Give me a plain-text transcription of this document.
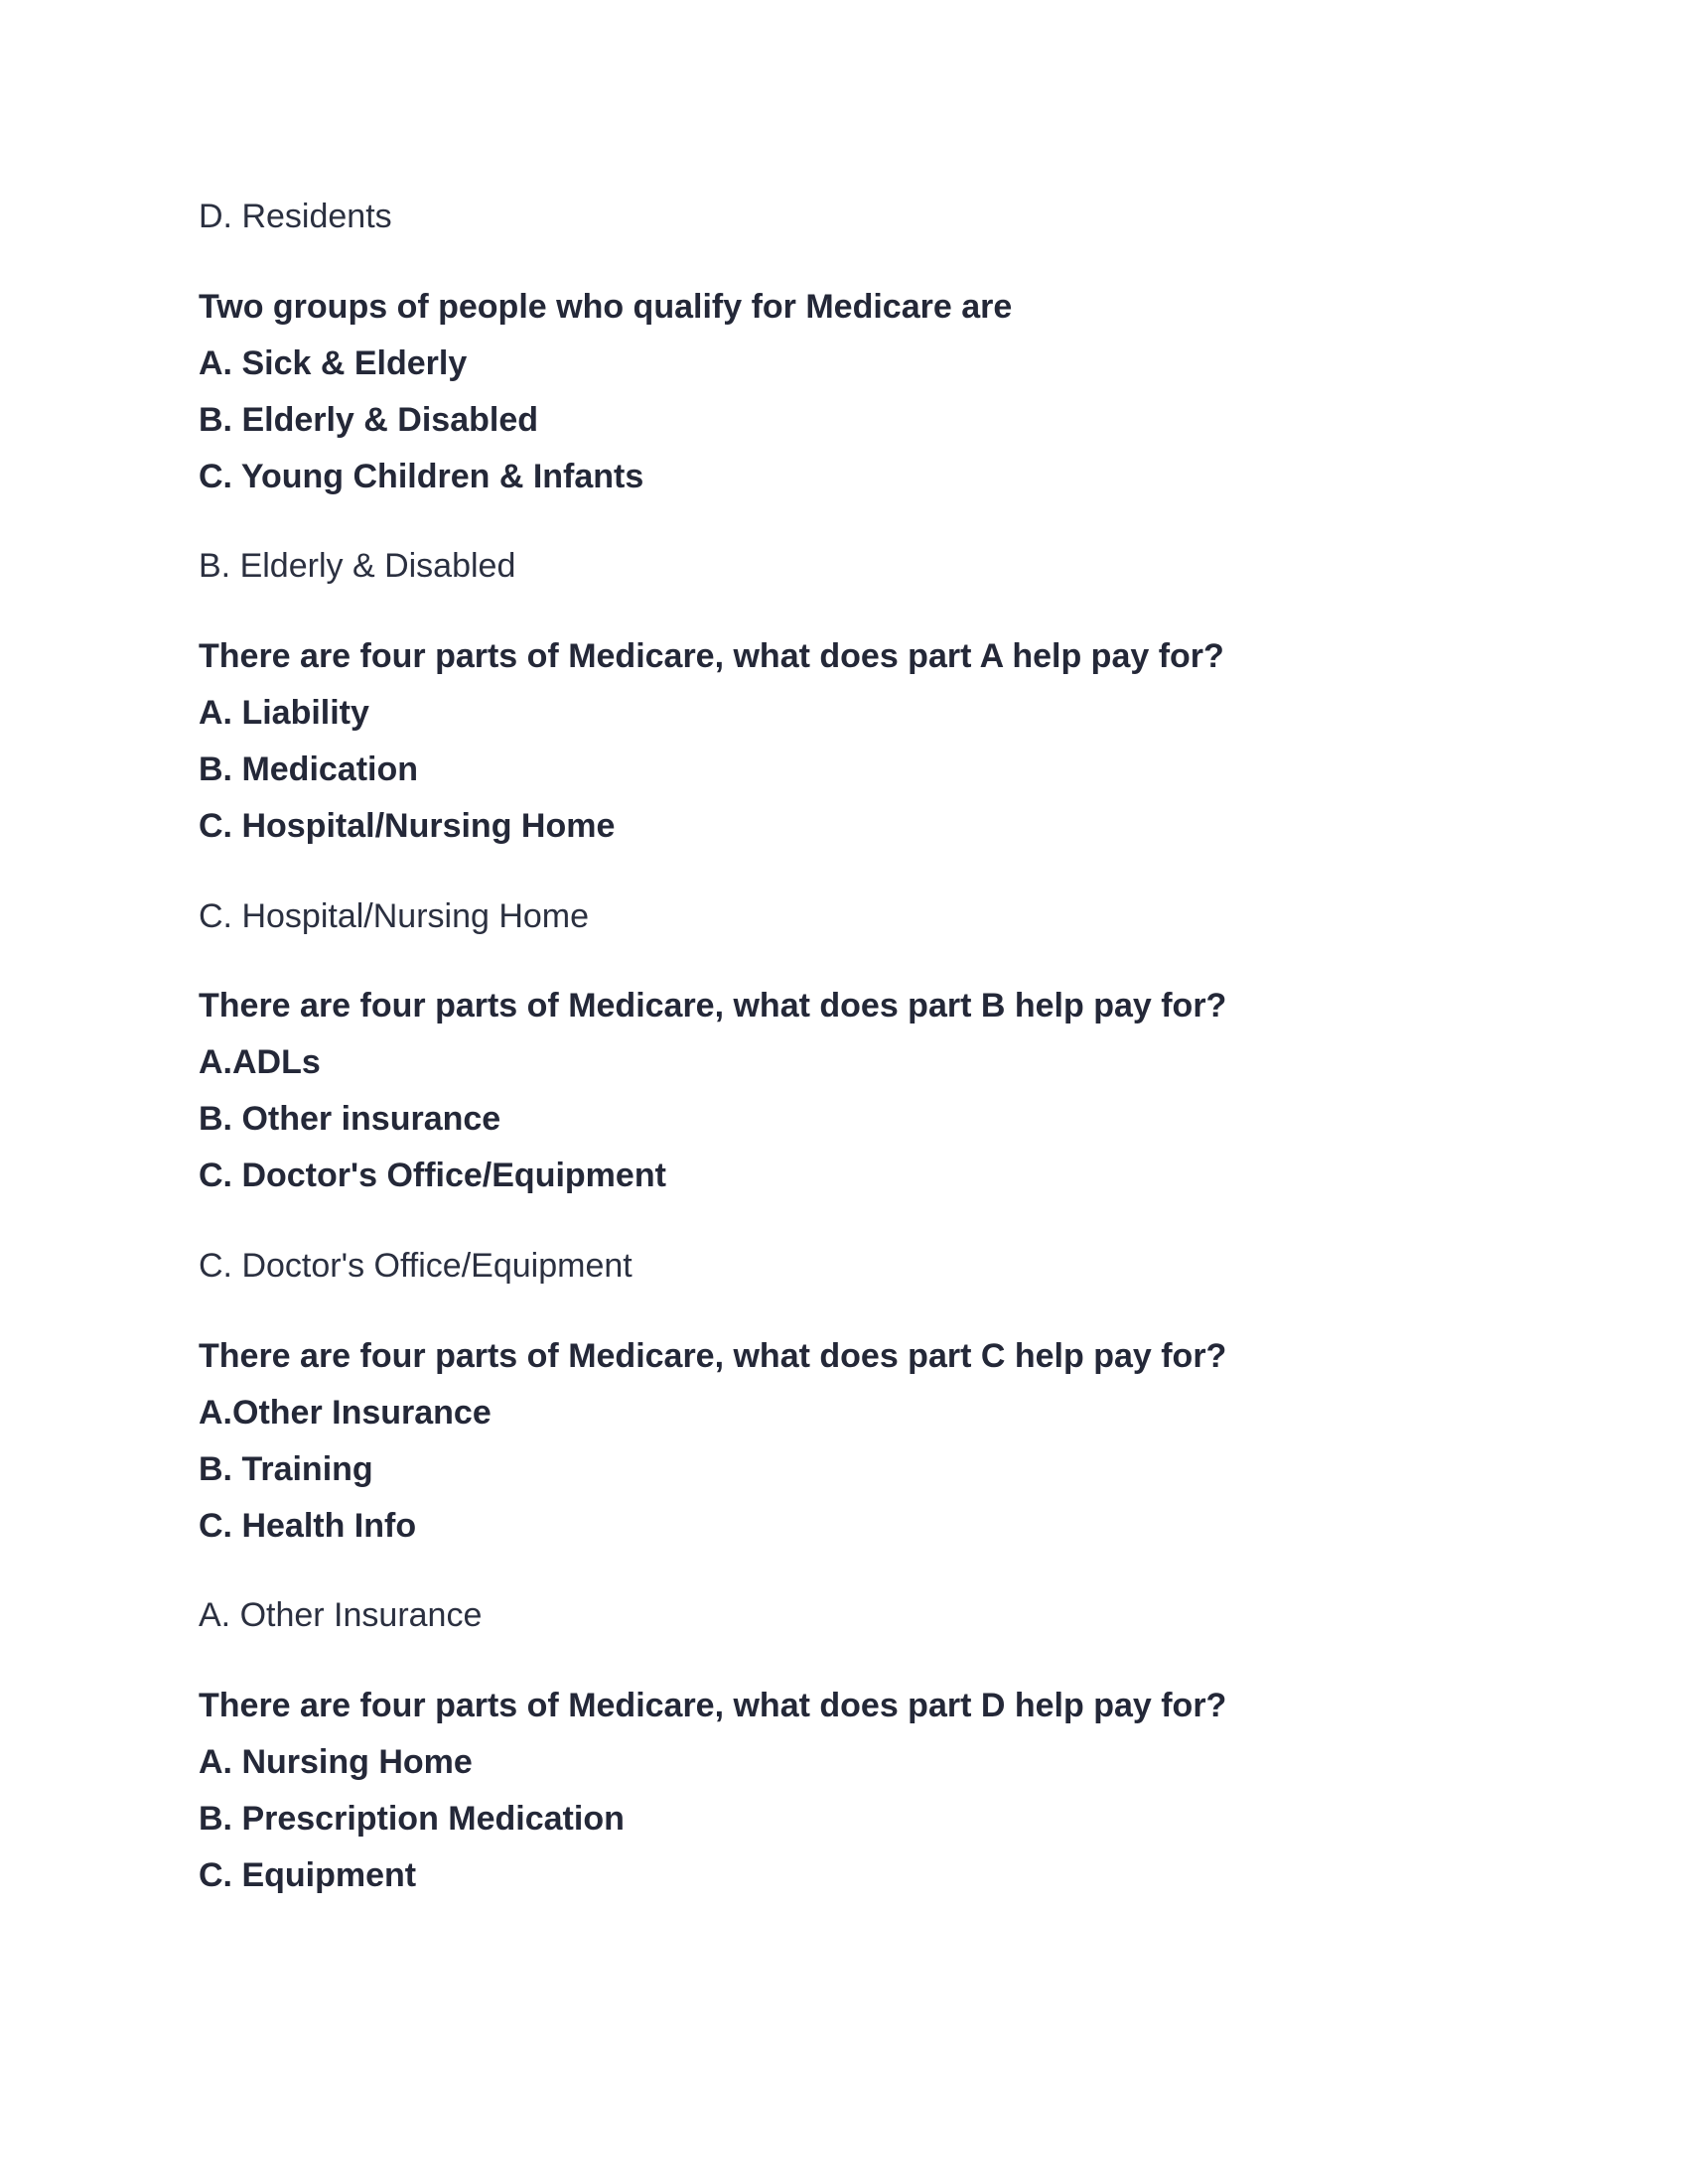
D. Residents
Two groups of people who qualify for Medicare are
A. Sick & Elderly
B. Elderly & Disabled
C. Young Children & Infants
B. Elderly & Disabled
There are four parts of Medicare, what does part A help pay for?
A. Liability
B. Medication
C. Hospital/Nursing Home
C. Hospital/Nursing Home
There are four parts of Medicare, what does part B help pay for?
A.ADLs
B. Other insurance
C. Doctor's Office/Equipment
C. Doctor's Office/Equipment
There are four parts of Medicare, what does part C help pay for?
A.Other Insurance
B. Training
C. Health Info
A. Other Insurance
There are four parts of Medicare, what does part D help pay for?
A. Nursing Home
B. Prescription Medication
C. Equipment
